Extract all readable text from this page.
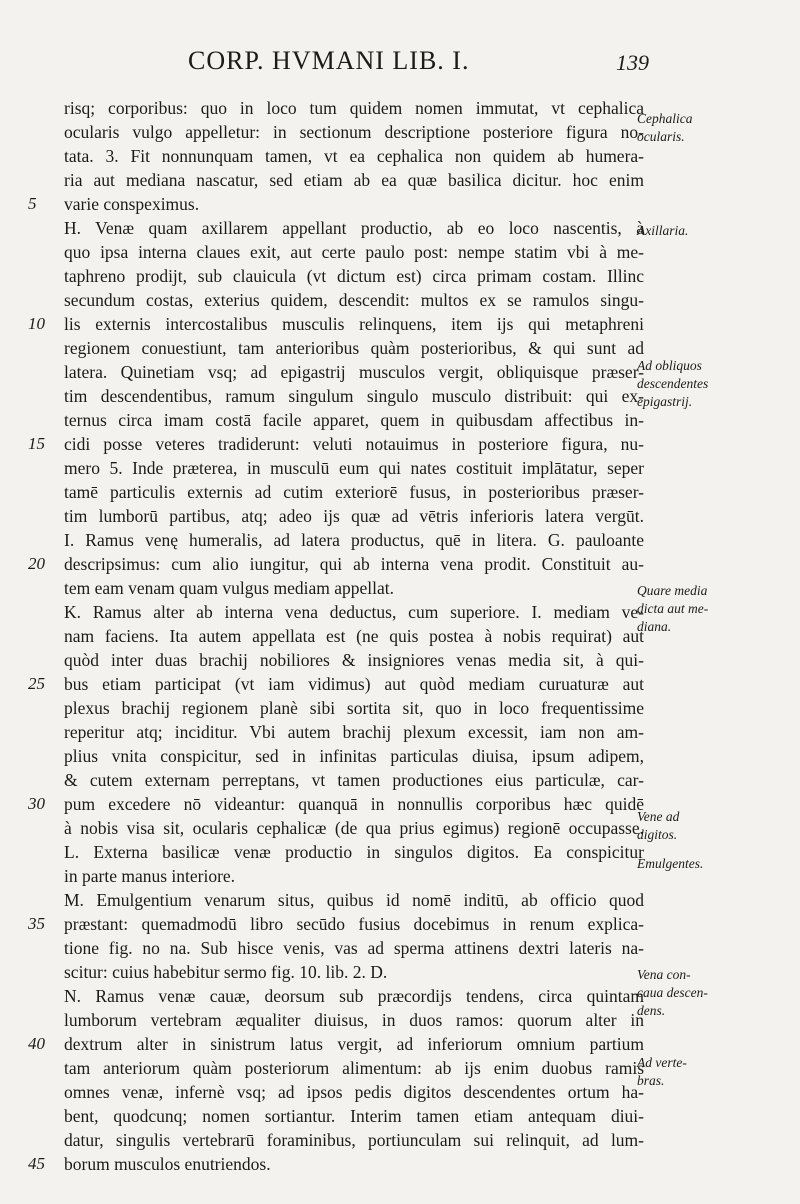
CORP. HVMANI LIB. I.	139
risq; corporibus: quo in loco tum quidem nomen immutat, vt cephalica
ocularis vulgo appelletur: in sectionum descriptione posteriore figura no-
tata. 3. Fit nonnunquam tamen, vt ea cephalica non quidem ab humera-
ria aut mediana nascatur, sed etiam ab ea quæ basilica dicitur. hoc enim
5 varie conspeximus.
H. Venæ quam axillarem appellant productio, ab eo loco nascentis, à
quo ipsa interna claues exit, aut certe paulo post: nempe statim vbi à me-
taphreno prodijt, sub clauicula (vt dictum est) circa primam costam. Illinc
secundum costas, exterius quidem, descendit: multos ex se ramulos singu-
10 lis externis intercostalibus musculis relinquens, item ijs qui metaphreni
regionem conuestiunt, tam anterioribus quàm posterioribus, & qui sunt ad
latera. Quinetiam vsq; ad epigastrij musculos vergit, obliquisque præser-
tim descendentibus, ramum singulum singulo musculo distribuit: qui ex-
ternus circa imam costā facile apparet, quem in quibusdam affectibus in-
15 cidi posse veteres tradiderunt: veluti notauimus in posteriore figura, nu-
mero 5. Inde præterea, in musculū eum qui nates costituit implātatur, seper
tamē particulis externis ad cutim exteriorē fusus, in posterioribus præser-
tim lumborū partibus, atq; adeo ijs quæ ad vētris inferioris latera vergūt.
I. Ramus venę humeralis, ad latera productus, quē in litera. G. pauloante
20 descripsimus: cum alio iungitur, qui ab interna vena prodit. Constituit au-
tem eam venam quam vulgus mediam appellat.
K. Ramus alter ab interna vena deductus, cum superiore. I. mediam ve-
nam faciens. Ita autem appellata est (ne quis postea à nobis requirat) aut
quòd inter duas brachij nobiliores & insigniores venas media sit, à qui-
25 bus etiam participat (vt iam vidimus) aut quòd mediam curuaturæ aut
plexus brachij regionem planè sibi sortita sit, quo in loco frequentissime
reperitur atq; inciditur. Vbi autem brachij plexum excessit, iam non am-
plius vnita conspicitur, sed in infinitas particulas diuisa, ipsum adipem,
& cutem externam perreptans, vt tamen productiones eius particulæ, car-
30 pum excedere nō videantur: quanquā in nonnullis corporibus hæc quidē
à nobis visa sit, ocularis cephalicæ (de qua prius egimus) regionē occupasse.
L. Externa basilicæ venæ productio in singulos digitos. Ea conspicitur
in parte manus interiore.
M. Emulgentium venarum situs, quibus id nomē inditū, ab officio quod
35 præstant: quemadmodū libro secūdo fusius docebimus in renum explica-
tione fig. no na. Sub hisce venis, vas ad sperma attinens dextri lateris na-
scitur: cuius habebitur sermo fig. 10. lib. 2. D.
N. Ramus venæ cauæ, deorsum sub præcordijs tendens, circa quintam
lumborum vertebram æqualiter diuisus, in duos ramos: quorum alter in
40 dextrum alter in sinistrum latus vergit, ad inferiorum omnium partium
tam anteriorum quàm posteriorum alimentum: ab ijs enim duobus ramis
omnes venæ, infernè vsq; ad ipsos pedis digitos descendentes ortum ha-
bent, quodcunq; nomen sortiantur. Interim tamen etiam antequam diui-
datur, singulis vertebrarū foraminibus, portiunculam sui relinquit, ad lum-
45 borum musculos enutriendos.
Cephalica
ocularis.
Axillaria.
Ad obliquos
descendentes
epigastrij.
Quare media
dicta aut me-
diana.
Vene ad
digitos.
Emulgentes.
Vena con-
caua descen-
dens.
Ad verte-
bras.
